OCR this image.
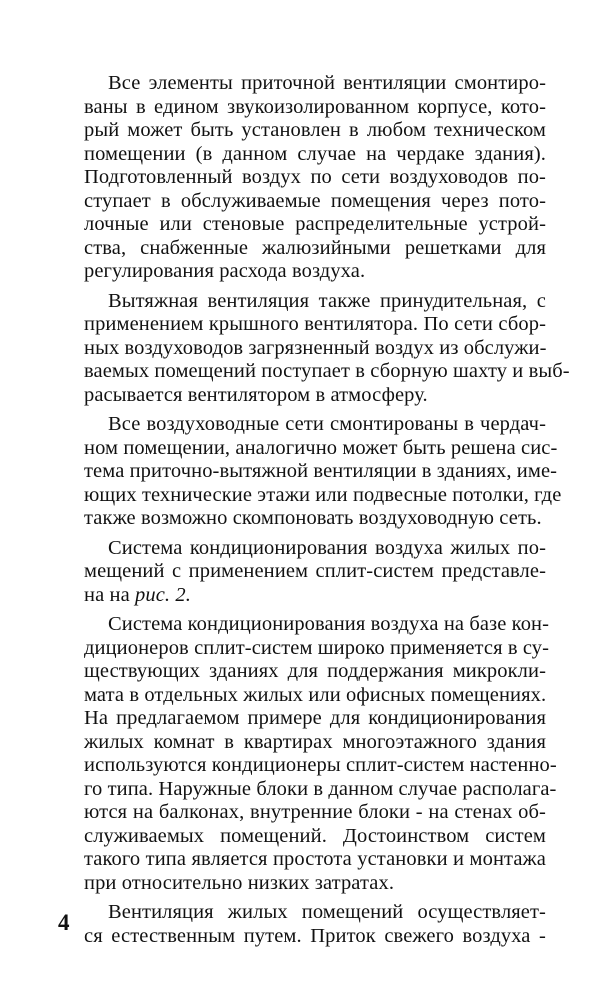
Все элементы приточной вентиляции смонтиро-
ваны в едином звукоизолированном корпусе, кото-
рый может быть установлен в любом техническом
помещении (в данном случае на чердаке здания).
Подготовленный воздух по сети воздуховодов по-
ступает в обслуживаемые помещения через пото-
лочные или стеновые распределительные устрой-
ства, снабженные жалюзийными решетками для
регулирования расхода воздуха.
Вытяжная вентиляция также принудительная, с
применением крышного вентилятора. По сети сбор-
ных воздуховодов загрязненный воздух из обслужи-
ваемых помещений поступает в сборную шахту и выб-
расывается вентилятором в атмосферу.
Все воздуховодные сети смонтированы в чердач-
ном помещении, аналогично может быть решена сис-
тема приточно-вытяжной вентиляции в зданиях, име-
ющих технические этажи или подвесные потолки, где
также возможно скомпоновать воздуховодную сеть.
Система кондиционирования воздуха жилых по-
мещений с применением сплит-систем представле-
на на рис. 2.
Система кондиционирования воздуха на базе кон-
диционеров сплит-систем широко применяется в су-
ществующих зданиях для поддержания микрокли-
мата в отдельных жилых или офисных помещениях.
На предлагаемом примере для кондиционирования
жилых комнат в квартирах многоэтажного здания
используются кондиционеры сплит-систем настенно-
го типа. Наружные блоки в данном случае располага-
ются на балконах, внутренние блоки - на стенах об-
служиваемых помещений. Достоинством систем
такого типа является простота установки и монтажа
при относительно низких затратах.
Вентиляция жилых помещений осуществляет-
ся естественным путем. Приток свежего воздуха -
4
